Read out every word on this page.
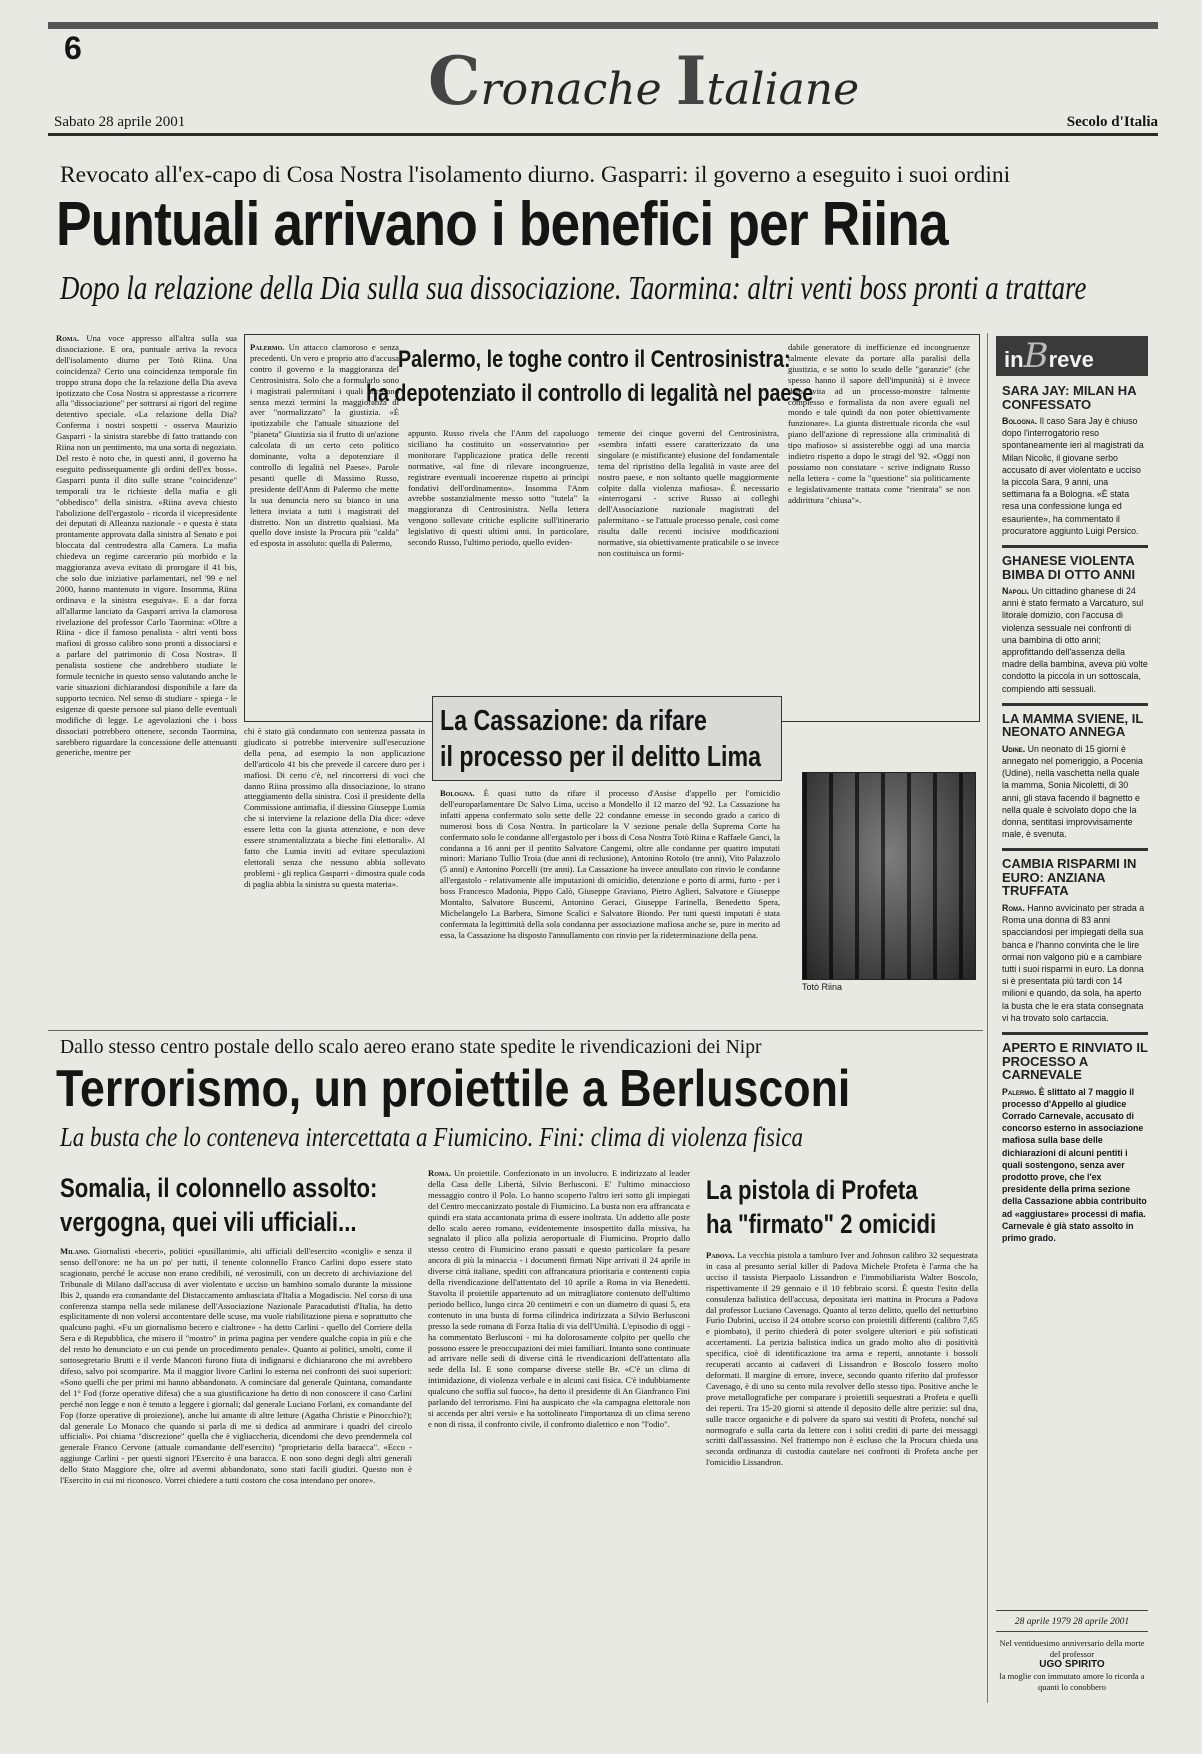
6	Cronache Italiane
Sabato 28 aprile 2001	Secolo d'Italia
Revocato all'ex-capo di Cosa Nostra l'isolamento diurno. Gasparri: il governo a eseguito i suoi ordini
Puntuali arrivano i benefici per Riina
Dopo la relazione della Dia sulla sua dissociazione. Taormina: altri venti boss pronti a trattare

Roma. Una voce appresso all'altra sulla sua dissociazione. E ora, puntuale arriva la revoca dell'isolamento diurno per Totò Riina. Una coincidenza? Certo una coincidenza temporale fin troppo strana dopo che la relazione della Dia aveva ipotizzato che Cosa Nostra si apprestasse a ricorrere alla "dissociazione" per sottrarsi ai rigori del regime detentivo speciale. «La relazione della Dia? Conferma i nostri sospetti - osserva Maurizio Gasparri - la sinistra starebbe di fatto trattando con Riina non un pentimento, ma una sorta di negoziato. Del resto è noto che, in questi anni, il governo ha eseguito pedissequamente gli ordini dell'ex boss». Gasparri punta il dito sulle strane "coincidenze" temporali tra le richieste della mafia e gli "obbedisco" della sinistra. «Riina aveva chiesto l'abolizione dell'ergastolo - ricorda il vicepresidente dei deputati di Alleanza nazionale - e questa è stata prontamente approvata dalla sinistra al Senato e poi bloccata dal centrodestra alla Camera. La mafia chiedeva un regime carcerario più morbido e la maggioranza aveva evitato di prorogare il 41 bis, che solo due iniziative parlamentari, nel '99 e nel 2000, hanno mantenuto in vigore. Insomma, Riina ordinava e la sinistra eseguiva». E a dar forza all'allarme lanciato da Gasparri arriva la clamorosa rivelazione del professor Carlo Taormina: «Oltre a Riina - dice il famoso penalista - altri venti boss mafiosi di grosso calibro sono pronti a dissociarsi e a parlare del patrimonio di Cosa Nostra». Il penalista sostiene che andrebbero studiate le formule tecniche in questo senso valutando anche le varie situazioni dichiarandosi disponibile a fare da supporto tecnico. Nel senso di studiare - spiega - le esigenze di queste persone sul piano delle eventuali modifiche di legge. Le agevolazioni che i boss dissociati potrebbero ottenere, secondo Taormina, sarebbero riguardare la concessione delle attenuanti generiche, mentre per

Palermo. Un attacco clamoroso e senza precedenti. Un vero e proprio atto d'accusa contro il governo e la maggioranza del Centrosinistra. Solo che a formularlo sono i magistrati palermitani i quali accusano senza mezzi termini la maggioranza di aver "normalizzato" la giustizia. «È ipotizzabile che l'attuale situazione del "pianeta" Giustizia sia il frutto di un'azione calcolata di un certo ceto politico dominante, volta a depotenziare il controllo di legalità nel Paese». Parole pesanti quelle di Massimo Russo, presidente dell'Anm di Palermo che mette la sua denuncia nero su bianco in una lettera inviata a tutti i magistrati del distretto. Non un distretto qualsiasi. Ma quello dove insiste la Procura più "calda" ed esposta in assoluto: quella di Palermo,

Palermo, le toghe contro il Centrosinistra:
ha depotenziato il controllo di legalità nel paese

appunto. Russo rivela che l'Anm del capoluogo siciliano ha costituito un «osservatorio» per monitorare l'applicazione pratica delle recenti normative, «al fine di rilevare incongruenze, registrare eventuali incoerenze rispetto ai princìpi fondativi dell'ordinamento». Insomma l'Anm avrebbe sostanzialmente messo sotto "tutela" la maggioranza di Centrosinistra. Nella lettera vengono sollevate critiche esplicite sull'itinerario legislativo di questi ultimi anni. In particolare, secondo Russo, l'ultimo periodo, quello eviden-

temente dei cinque governi del Centrosinistra, «sembra infatti essere caratterizzato da una singolare (e mistificante) elusione del fondamentale tema del ripristino della legalità in vaste aree del nostro paese, e non soltanto quelle maggiormente colpite dalla violenza mafiosa». È necessario «interrogarsi - scrive Russo ai colleghi dell'Associazione nazionale magistrati del palermitano - se l'attuale processo penale, così come risulta dalle recenti incisive modificazioni normative, sia obiettivamente praticabile o se invece non costituisca un formi-

dabile generatore di inefficienze ed incongruenze talmente elevate da portare alla paralisi della giustizia, e se sotto lo scudo delle "garanzie" (che spesso hanno il sapore dell'impunità) si è invece dato vita ad un processo-monstre talmente complesso e formalista da non avere eguali nel mondo e tale quindi da non poter obiettivamente funzionare». La giunta distrettuale ricorda che «sul piano dell'azione di repressione alla criminalità di tipo mafioso» si assisterebbe oggi ad una marcia indietro rispetto a dopo le stragi del '92. «Oggi non possiamo non constatare - scrive indignato Russo nella lettera - come la "questione" sia politicamente e legislativamente trattata come "rientrata" se non addirittura "chiusa"».

chi è stato già condannato con sentenza passata in giudicato si potrebbe intervenire sull'esecuzione della pena, ad esempio la non applicazione dell'articolo 41 bis che prevede il carcere duro per i mafiosi. Di certo c'è, nel rincorrersi di voci che danno Riina prossimo alla dissociazione, lo strano atteggiamento della sinistra. Così il presidente della Commissione antimafia, il diessino Giuseppe Lumia che si interviene la relazione della Dia dice: «deve essere letta con la giusta attenzione, e non deve essere strumentalizzata a bieche fini elettorali». Al fatto che Lumia inviti ad evitare speculazioni elettorali senza che nessuno abbia sollevato problemi - gli replica Gasparri - dimostra quale coda di paglia abbia la sinistra su questa materia».

La Cassazione: da rifare
il processo per il delitto Lima

Bologna. È quasi tutto da rifare il processo d'Assise d'appello per l'omicidio dell'europarlamentare Dc Salvo Lima, ucciso a Mondello il 12 marzo del '92. La Cassazione ha infatti appena confermato solo sette delle 22 condanne emesse in secondo grado a carico di numerosi boss di Cosa Nostra. In particolare la V sezione penale della Suprema Corte ha confermato solo le condanne all'ergastolo per i boss di Cosa Nostra Totò Riina e Raffaele Ganci, la condanna a 16 anni per il pentito Salvatore Cangemi, oltre alle condanne per quattro imputati minori: Mariano Tullio Troia (due anni di reclusione), Antonino Rotolo (tre anni), Vito Palazzolo (5 anni) e Antonino Porcelli (tre anni). La Cassazione ha invece annullato con rinvio le condanne all'ergastolo - relativamente alle imputazioni di omicidio, detenzione e porto di armi, furto - per i boss Francesco Madonia, Pippo Calò, Giuseppe Graviano, Pietro Aglieri, Salvatore e Giuseppe Montalto, Salvatore Buscemi, Antonino Geraci, Giuseppe Farinella, Benedetto Spera, Michelangelo La Barbera, Simone Scalici e Salvatore Biondo. Per tutti questi imputati è stata confermata la legittimità della sola condanna per associazione mafiosa anche se, pure in merito ad essa, la Cassazione ha disposto l'annullamento con rinvio per la rideterminazione della pena.

Totò Riina
Dallo stesso centro postale dello scalo aereo erano state spedite le rivendicazioni dei Nipr
Terrorismo, un proiettile a Berlusconi
La busta che lo conteneva intercettata a Fiumicino. Fini: clima di violenza fisica
Somalia, il colonnello assolto:
vergogna, quei vili ufficiali...

Milano. Giornalisti «beceri», politici «pusillanimi», alti ufficiali dell'esercito «conigli» e senza il senso dell'onore: ne ha un po' per tutti, il tenente colonnello Franco Carlini dopo essere stato scagionato, perché le accuse non erano credibili, né verosimili, con un decreto di archiviazione del Tribunale di Milano dall'accusa di aver violentato e ucciso un bambino somalo durante la missione Ibis 2, quando era comandante del Distaccamento ambasciata d'Italia a Mogadiscio. Nel corso di una conferenza stampa nella sede milanese dell'Associazione Nazionale Paracadutisti d'Italia, ha detto esplicitamente di non volersi accontentare delle scuse, ma vuole riabilitazione piena e soprattutto che qualcuno paghi. «Fu un giornalismo becero e cialtrone» - ha detto Carlini - quello del Corriere della Sera e di Repubblica, che misero il "mostro" in prima pagina per vendere qualche copia in più e che del resto ho denunciato e un cui pende un procedimento penale». Quanto ai politici, smolti, come il sottosegretario Brutti e il verde Mancoti furono fiuta di indignarsi e dichiararono che mi avrebbero difeso, salvo poi scomparire. Ma il maggior livore Carlini lo esterna nei confronti dei suoi superiori: «Sono quelli che per primi mi hanno abbandonato. A cominciare dal generale Quintana, comandante del 1° Fod (forze operative difesa) che a sua giustificazione ha detto di non conoscere il caso Carlini perché non legge e non è tenuto a leggere i giornali; dal generale Luciano Forlani, ex comandante del Fop (forze operative di proiezione), anche lui amante di altre letture (Agatha Christie e Pinocchio?); dal generale Lo Monaco che quando si parla di me si dedica ad ammirare i quadri del circolo ufficiali». Poi chiama "discrezione" quella che è vigliaccheria, dicendomi che devo prendermela col generale Franco Cervone (attuale comandante dell'esercito) "proprietario della baracca". «Ecco - aggiunge Carlini - per questi signori l'Esercito è una baracca. E non sono degni degli altri generali dello Stato Maggiore che, oltre ad avermi abbandonato, sono stati facili giudizi. Questo non è l'Esercito in cui mi riconosco. Vorrei chiedere a tutti costoro che cosa intendano per onore».

Roma. Un proiettile. Confezionato in un involucro. E indirizzato al leader della Casa delle Libertà, Silvio Berlusconi. E' l'ultimo minaccioso messaggio contro il Polo. Lo hanno scoperto l'altro ieri sotto gli impiegati del Centro meccanizzato postale di Fiumicino. La busta non era affrancata e quindi era stata accantonata prima di essere inoltrata. Un addetto alle poste dello scalo aereo romano, evidentemente insospettito dalla missiva, ha segnalato il plico alla polizia aeroportuale di Fiumicino. Proprio dallo stesso centro di Fiumicino erano passati e questo particolare fa pesare ancora di più la minaccia - i documenti firmati Nipr arrivati il 24 aprile in diverse città italiane, spediti con affrancatura prioritaria e contenenti copia della rivendicazione dell'attentato del 10 aprile a Roma in via Benedetti. Stavolta il proiettile appartenuto ad un mitragliatore contenuto dell'ultimo periodo bellico, lungo circa 20 centimetri e con un diametro di quasi 5, era contenuto in una busta di forma cilindrica indirizzata a Silvio Berlusconi presso la sede romana di Forza Italia di via dell'Umiltà. L'episodio di oggi - ha commentato Berlusconi - mi ha dolorosamente colpito per quello che possono essere le preoccupazioni dei miei familiari. Intanto sono continuate ad arrivare nelle sedi di diverse città le rivendicazioni dell'attentato alla sede della Isl. E sono comparse diverse stelle Br. «C'è un clima di intimidazione, di violenza verbale e in alcuni casi fisica. C'è indubbiamente qualcuno che soffia sul fuoco», ha detto il presidente di An Gianfranco Fini parlando del terrorismo. Fini ha auspicato che «la campagna elettorale non si accenda per altri versi» e ha sottolineato l'importanza di un clima sereno e non di rissa, il confronto civile, il confronto dialettico e non "l'odio".

La pistola di Profeta
ha "firmato" 2 omicidi

Padova. La vecchia pistola a tamburo Iver and Johnson calibro 32 sequestrata in casa al presunto serial killer di Padova Michele Profeta è l'arma che ha ucciso il tassista Pierpaolo Lissandron e l'immobiliarista Walter Boscolo, rispettivamente il 29 gennaio e il 10 febbraio scorsi. È questo l'esito della consulenza balistica dell'accusa, depositata ieri mattina in Procura a Padova dal professor Luciano Cavenago. Quanto al terzo delitto, quello del netturbino Furio Dubrini, ucciso il 24 ottobre scorso con proiettili differenti (calibro 7,65 e piombato), il perito chiederà di poter svolgere ulteriori e più sofisticati accertamenti. La perizia balistica indica un grado molto alto di positività specifica, cioè di identificazione tra arma e reperti, annotante i bossoli recuperati accanto ai cadaveri di Lissandron e Boscolo fossero molto deformati. Il margine di errore, invece, secondo quanto riferito dal professor Cavenago, è di uno su cento mila revolver dello stesso tipo. Positive anche le prove metallografiche per comparare i proiettili sequestrati a Profeta e quelli dei reperti. Tra 15-20 giorni si attende il deposito delle altre perizie: sul dna, sulle tracce organiche e di polvere da sparo sui vestiti di Profeta, nonché sul normografo e sulla carta da lettere con i soliti crediti di parte dei messaggi scritti dall'assassino. Nel frattempo non è escluso che la Procura chieda una seconda ordinanza di custodia cautelare nei confronti di Profeta anche per l'omicidio Lissandron.

inBreve
SARA JAY: MILAN HA CONFESSATO

Bologna. Il caso Sara Jay è chiuso dopo l'interrogatorio reso spontaneamente ieri al magistrati da Milan Nicolic, il giovane serbo accusato di aver violentato e ucciso la piccola Sara, 9 anni, una settimana fa a Bologna. «È stata resa una confessione lunga ed esauriente», ha commentato il procuratore aggiunto Luigi Persico.

GHANESE VIOLENTA BIMBA DI OTTO ANNI

Napoli. Un cittadino ghanese di 24 anni è stato fermato a Varcaturo, sul litorale domizio, con l'accusa di violenza sessuale nei confronti di una bambina di otto anni; approfittando dell'assenza della madre della bambina, aveva più volte condotto la piccola in un sottoscala, compiendo atti sessuali.

LA MAMMA SVIENE, IL NEONATO ANNEGA

Udine. Un neonato di 15 giorni è annegato nel pomeriggio, a Pocenia (Udine), nella vaschetta nella quale la mamma, Sonia Nicoletti, di 30 anni, gli stava facendo il bagnetto e nella quale è scivolato dopo che la donna, sentitasi improvvisamente male, è svenuta.

CAMBIA RISPARMI IN EURO: ANZIANA TRUFFATA

Roma. Hanno avvicinato per strada a Roma una donna di 83 anni spacciandosi per impiegati della sua banca e l'hanno convinta che le lire ormai non valgono più e a cambiare tutti i suoi risparmi in euro. La donna si è presentata più tardi con 14 milioni e quando, da sola, ha aperto la busta che le era stata consegnata vi ha trovato solo cartaccia.

APERTO E RINVIATO IL PROCESSO A CARNEVALE

Palermo. È slittato al 7 maggio il processo d'Appello al giudice Corrado Carnevale, accusato di concorso esterno in associazione mafiosa sulla base delle dichiarazioni di alcuni pentiti i quali sostengono, senza aver prodotto prove, che l'ex presidente della prima sezione della Cassazione abbia contribuito ad «aggiustare» processi di mafia. Carnevale è già stato assolto in primo grado.

28 aprile 1979 28 aprile 2001
Nel ventiduesimo anniversario della morte del professor
UGO SPIRITO
la moglie con immutato amore lo ricorda a quanti lo conobbero
